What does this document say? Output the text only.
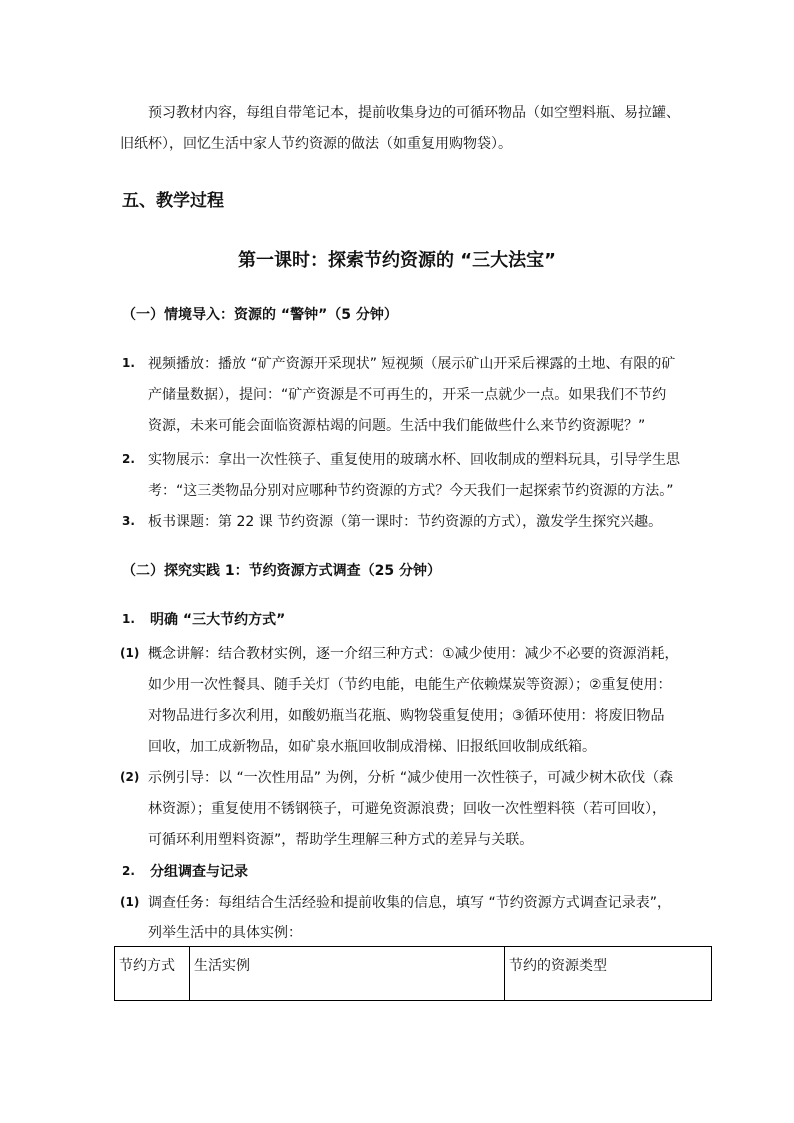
预习教材内容，每组自带笔记本，提前收集身边的可循环物品（如空塑料瓶、易拉罐、
旧纸杯），回忆生活中家人节约资源的做法（如重复用购物袋）。
五、教学过程
第一课时：探索节约资源的 “三大法宝”
（一）情境导入：资源的 “警钟”（5 分钟）
1. 视频播放：播放 “矿产资源开采现状” 短视频（展示矿山开采后裸露的土地、有限的矿
产储量数据），提问：“矿产资源是不可再生的，开采一点就少一点。如果我们不节约
资源，未来可能会面临资源枯竭的问题。生活中我们能做些什么来节约资源呢？”
2. 实物展示：拿出一次性筷子、重复使用的玻璃水杯、回收制成的塑料玩具，引导学生思
考：“这三类物品分别对应哪种节约资源的方式？今天我们一起探索节约资源的方法。”
3. 板书课题：第 22 课 节约资源（第一课时：节约资源的方式），激发学生探究兴趣。
（二）探究实践 1：节约资源方式调查（25 分钟）
1. 明确 “三大节约方式”
(1) 概念讲解：结合教材实例，逐一介绍三种方式：①减少使用：减少不必要的资源消耗，
如少用一次性餐具、随手关灯（节约电能，电能生产依赖煤炭等资源）；②重复使用：
对物品进行多次利用，如酸奶瓶当花瓶、购物袋重复使用；③循环使用：将废旧物品
回收，加工成新物品，如矿泉水瓶回收制成滑梯、旧报纸回收制成纸箱。
(2) 示例引导：以 “一次性用品” 为例，分析 “减少使用一次性筷子，可减少树木砍伐（森
林资源）；重复使用不锈钢筷子，可避免资源浪费；回收一次性塑料筷（若可回收），
可循环利用塑料资源”，帮助学生理解三种方式的差异与关联。
2. 分组调查与记录
(1) 调查任务：每组结合生活经验和提前收集的信息，填写 “节约资源方式调查记录表”，
列举生活中的具体实例：
节约方式	生活实例	节约的资源类型
